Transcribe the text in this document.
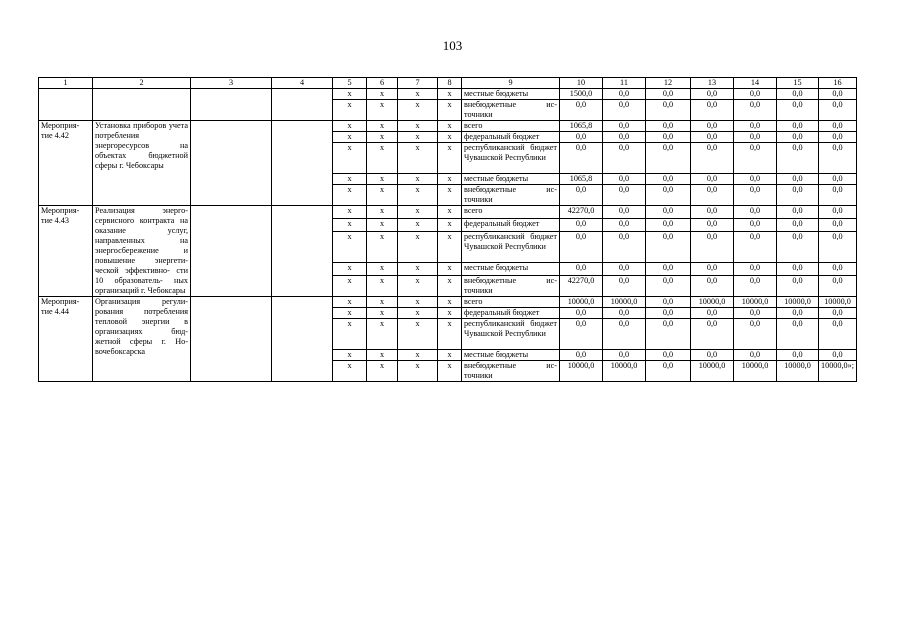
103
1	2	3	4	5	6	7	8	9	10	11	12	13	14	15	16
				х	х	х	х	местные бюджеты	1500,0	0,0	0,0	0,0	0,0	0,0	0,0
				х	х	х	х	внебюджетные ис- точники	0,0	0,0	0,0	0,0	0,0	0,0	0,0
Мероприя- тие 4.42	Установка приборов учета потребления энергоресурсов на объектах бюджетной сферы г. Чебоксары			х	х	х	х	всего	1065,8	0,0	0,0	0,0	0,0	0,0	0,0
				х	х	х	х	федеральный бюджет	0,0	0,0	0,0	0,0	0,0	0,0	0,0
				х	х	х	х	республиканский бюджет Чувашской Республики	0,0	0,0	0,0	0,0	0,0	0,0	0,0
				х	х	х	х	местные бюджеты	1065,8	0,0	0,0	0,0	0,0	0,0	0,0
				х	х	х	х	внебюджетные ис- точники	0,0	0,0	0,0	0,0	0,0	0,0	0,0
Мероприя- тие 4.43	Реализация энерго- сервисного контракта на оказание услуг, направленных на энергосбережение и повышение энергети- ческой эффективно- сти 10 образователь- ных организаций г. Чебоксары			х	х	х	х	всего	42270,0	0,0	0,0	0,0	0,0	0,0	0,0
				х	х	х	х	федеральный бюджет	0,0	0,0	0,0	0,0	0,0	0,0	0,0
				х	х	х	х	республиканский бюджет Чувашской Республики	0,0	0,0	0,0	0,0	0,0	0,0	0,0
				х	х	х	х	местные бюджеты	0,0	0,0	0,0	0,0	0,0	0,0	0,0
				х	х	х	х	внебюджетные ис- точники	42270,0	0,0	0,0	0,0	0,0	0,0	0,0
Мероприя- тие 4.44	Организация регули- рования потребления тепловой энергии в организациях бюд- жетной сферы г. Но- вочебоксарска			х	х	х	х	всего	10000,0	10000,0	0,0	10000,0	10000,0	10000,0	10000,0
				х	х	х	х	федеральный бюджет	0,0	0,0	0,0	0,0	0,0	0,0	0,0
				х	х	х	х	республиканский бюджет Чувашской Республики	0,0	0,0	0,0	0,0	0,0	0,0	0,0
				х	х	х	х	местные бюджеты	0,0	0,0	0,0	0,0	0,0	0,0	0,0
				х	х	х	х	внебюджетные ис- точники	10000,0	10000,0	0,0	10000,0	10000,0	10000,0	10000,0»;
